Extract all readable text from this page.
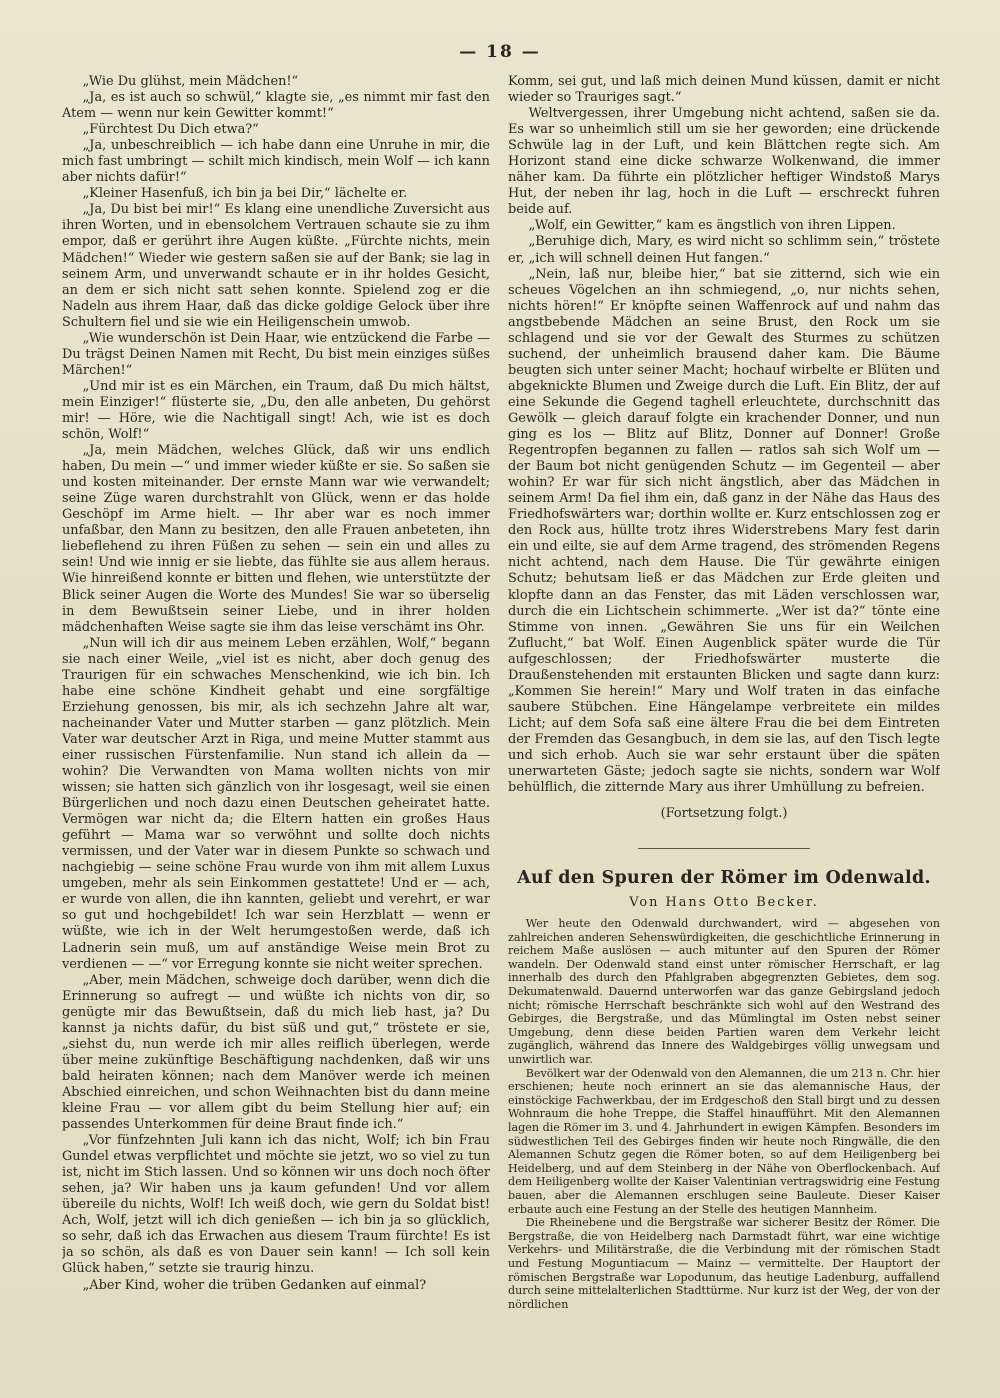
— 18 —

„Wie Du glühst, mein Mädchen!“

„Ja, es ist auch so schwül,“ klagte sie, „es nimmt mir fast den Atem — wenn nur kein Gewitter kommt!“

„Fürchtest Du Dich etwa?“

„Ja, unbeschreiblich — ich habe dann eine Unruhe in mir, die mich fast umbringt — schilt mich kindisch, mein Wolf — ich kann aber nichts dafür!“

„Kleiner Hasenfuß, ich bin ja bei Dir,“ lächelte er.

„Ja, Du bist bei mir!“ Es klang eine unendliche Zuversicht aus ihren Worten, und in ebensolchem Vertrauen schaute sie zu ihm empor, daß er gerührt ihre Augen küßte. „Fürchte nichts, mein Mädchen!“ Wieder wie gestern saßen sie auf der Bank; sie lag in seinem Arm, und unverwandt schaute er in ihr holdes Gesicht, an dem er sich nicht satt sehen konnte. Spielend zog er die Nadeln aus ihrem Haar, daß das dicke goldige Gelock über ihre Schultern fiel und sie wie ein Heiligenschein umwob.

„Wie wunderschön ist Dein Haar, wie entzückend die Farbe — Du trägst Deinen Namen mit Recht, Du bist mein einziges süßes Märchen!“

„Und mir ist es ein Märchen, ein Traum, daß Du mich hältst, mein Einziger!“ flüsterte sie, „Du, den alle anbeten, Du gehörst mir! — Höre, wie die Nachtigall singt! Ach, wie ist es doch schön, Wolf!“

„Ja, mein Mädchen, welches Glück, daß wir uns endlich haben, Du mein —“ und immer wieder küßte er sie. So saßen sie und kosten miteinander. Der ernste Mann war wie verwandelt; seine Züge waren durchstrahlt von Glück, wenn er das holde Geschöpf im Arme hielt. — Ihr aber war es noch immer unfaßbar, den Mann zu besitzen, den alle Frauen anbeteten, ihn liebeflehend zu ihren Füßen zu sehen — sein ein und alles zu sein! Und wie innig er sie liebte, das fühlte sie aus allem heraus. Wie hinreißend konnte er bitten und flehen, wie unterstützte der Blick seiner Augen die Worte des Mundes! Sie war so überselig in dem Bewußtsein seiner Liebe, und in ihrer holden mädchenhaften Weise sagte sie ihm das leise verschämt ins Ohr.

„Nun will ich dir aus meinem Leben erzählen, Wolf,“ begann sie nach einer Weile, „viel ist es nicht, aber doch genug des Traurigen für ein schwaches Menschenkind, wie ich bin. Ich habe eine schöne Kindheit gehabt und eine sorgfältige Erziehung genossen, bis mir, als ich sechzehn Jahre alt war, nacheinander Vater und Mutter starben — ganz plötzlich. Mein Vater war deutscher Arzt in Riga, und meine Mutter stammt aus einer russischen Fürstenfamilie. Nun stand ich allein da — wohin? Die Verwandten von Mama wollten nichts von mir wissen; sie hatten sich gänzlich von ihr losgesagt, weil sie einen Bürgerlichen und noch dazu einen Deutschen geheiratet hatte. Vermögen war nicht da; die Eltern hatten ein großes Haus geführt — Mama war so verwöhnt und sollte doch nichts vermissen, und der Vater war in diesem Punkte so schwach und nachgiebig — seine schöne Frau wurde von ihm mit allem Luxus umgeben, mehr als sein Einkommen gestattete! Und er — ach, er wurde von allen, die ihn kannten, geliebt und verehrt, er war so gut und hochgebildet! Ich war sein Herzblatt — wenn er wüßte, wie ich in der Welt herumgestoßen werde, daß ich Ladnerin sein muß, um auf anständige Weise mein Brot zu verdienen — —“ vor Erregung konnte sie nicht weiter sprechen.

„Aber, mein Mädchen, schweige doch darüber, wenn dich die Erinnerung so aufregt — und wüßte ich nichts von dir, so genügte mir das Bewußtsein, daß du mich lieb hast, ja? Du kannst ja nichts dafür, du bist süß und gut,“ tröstete er sie, „siehst du, nun werde ich mir alles reiflich überlegen, werde über meine zukünftige Beschäftigung nachdenken, daß wir uns bald heiraten können; nach dem Manöver werde ich meinen Abschied einreichen, und schon Weihnachten bist du dann meine kleine Frau — vor allem gibt du beim Stellung hier auf; ein passendes Unterkommen für deine Braut finde ich.“

„Vor fünfzehnten Juli kann ich das nicht, Wolf; ich bin Frau Gundel etwas verpflichtet und möchte sie jetzt, wo so viel zu tun ist, nicht im Stich lassen. Und so können wir uns doch noch öfter sehen, ja? Wir haben uns ja kaum gefunden! Und vor allem übereile du nichts, Wolf! Ich weiß doch, wie gern du Soldat bist! Ach, Wolf, jetzt will ich dich genießen — ich bin ja so glücklich, so sehr, daß ich das Erwachen aus diesem Traum fürchte! Es ist ja so schön, als daß es von Dauer sein kann! — Ich soll kein Glück haben,“ setzte sie traurig hinzu.

„Aber Kind, woher die trüben Gedanken auf einmal?

Komm, sei gut, und laß mich deinen Mund küssen, damit er nicht wieder so Trauriges sagt.“

Weltvergessen, ihrer Umgebung nicht achtend, saßen sie da. Es war so unheimlich still um sie her geworden; eine drückende Schwüle lag in der Luft, und kein Blättchen regte sich. Am Horizont stand eine dicke schwarze Wolkenwand, die immer näher kam. Da führte ein plötzlicher heftiger Windstoß Marys Hut, der neben ihr lag, hoch in die Luft — erschreckt fuhren beide auf.

„Wolf, ein Gewitter,“ kam es ängstlich von ihren Lippen.

„Beruhige dich, Mary, es wird nicht so schlimm sein,“ tröstete er, „ich will schnell deinen Hut fangen.“

„Nein, laß nur, bleibe hier,“ bat sie zitternd, sich wie ein scheues Vögelchen an ihn schmiegend, „o, nur nichts sehen, nichts hören!“ Er knöpfte seinen Waffenrock auf und nahm das angstbebende Mädchen an seine Brust, den Rock um sie schlagend und sie vor der Gewalt des Sturmes zu schützen suchend, der unheimlich brausend daher kam. Die Bäume beugten sich unter seiner Macht; hochauf wirbelte er Blüten und abgeknickte Blumen und Zweige durch die Luft. Ein Blitz, der auf eine Sekunde die Gegend taghell erleuchtete, durchschnitt das Gewölk — gleich darauf folgte ein krachender Donner, und nun ging es los — Blitz auf Blitz, Donner auf Donner! Große Regentropfen begannen zu fallen — ratlos sah sich Wolf um — der Baum bot nicht genügenden Schutz — im Gegenteil — aber wohin? Er war für sich nicht ängstlich, aber das Mädchen in seinem Arm! Da fiel ihm ein, daß ganz in der Nähe das Haus des Friedhofswärters war; dorthin wollte er. Kurz entschlossen zog er den Rock aus, hüllte trotz ihres Widerstrebens Mary fest darin ein und eilte, sie auf dem Arme tragend, des strömenden Regens nicht achtend, nach dem Hause. Die Tür gewährte einigen Schutz; behutsam ließ er das Mädchen zur Erde gleiten und klopfte dann an das Fenster, das mit Läden verschlossen war, durch die ein Lichtschein schimmerte. „Wer ist da?“ tönte eine Stimme von innen. „Gewähren Sie uns für ein Weilchen Zuflucht,“ bat Wolf. Einen Augenblick später wurde die Tür aufgeschlossen; der Friedhofswärter musterte die Draußenstehenden mit erstaunten Blicken und sagte dann kurz: „Kommen Sie herein!“ Mary und Wolf traten in das einfache saubere Stübchen. Eine Hängelampe verbreitete ein mildes Licht; auf dem Sofa saß eine ältere Frau die bei dem Eintreten der Fremden das Gesangbuch, in dem sie las, auf den Tisch legte und sich erhob. Auch sie war sehr erstaunt über die späten unerwarteten Gäste; jedoch sagte sie nichts, sondern war Wolf behülflich, die zitternde Mary aus ihrer Umhüllung zu befreien.

(Fortsetzung folgt.)
Auf den Spuren der Römer im Odenwald.
Von Hans Otto Becker.

Wer heute den Odenwald durchwandert, wird — abgesehen von zahlreichen anderen Sehenswürdigkeiten, die geschichtliche Erinnerung in reichem Maße auslösen — auch mitunter auf den Spuren der Römer wandeln. Der Odenwald stand einst unter römischer Herrschaft, er lag innerhalb des durch den Pfahlgraben abgegrenzten Gebietes, dem sog. Dekumatenwald. Dauernd unterworfen war das ganze Gebirgsland jedoch nicht; römische Herrschaft beschränkte sich wohl auf den Westrand des Gebirges, die Bergstraße, und das Mümlingtal im Osten nebst seiner Umgebung, denn diese beiden Partien waren dem Verkehr leicht zugänglich, während das Innere des Waldgebirges völlig unwegsam und unwirtlich war.

Bevölkert war der Odenwald von den Alemannen, die um 213 n. Chr. hier erschienen; heute noch erinnert an sie das alemannische Haus, der einstöckige Fachwerkbau, der im Erdgeschoß den Stall birgt und zu dessen Wohnraum die hohe Treppe, die Staffel hinaufführt. Mit den Alemannen lagen die Römer im 3. und 4. Jahrhundert in ewigen Kämpfen. Besonders im südwestlichen Teil des Gebirges finden wir heute noch Ringwälle, die den Alemannen Schutz gegen die Römer boten, so auf dem Heiligenberg bei Heidelberg, und auf dem Steinberg in der Nähe von Oberflockenbach. Auf dem Heiligenberg wollte der Kaiser Valentinian vertragswidrig eine Festung bauen, aber die Alemannen erschlugen seine Bauleute. Dieser Kaiser erbaute auch eine Festung an der Stelle des heutigen Mannheim.

Die Rheinebene und die Bergstraße war sicherer Besitz der Römer. Die Bergstraße, die von Heidelberg nach Darmstadt führt, war eine wichtige Verkehrs- und Militärstraße, die die Verbindung mit der römischen Stadt und Festung Moguntiacum — Mainz — vermittelte. Der Hauptort der römischen Bergstraße war Lopodunum, das heutige Ladenburg, auffallend durch seine mittelalterlichen Stadttürme. Nur kurz ist der Weg, der von der nördlichen
